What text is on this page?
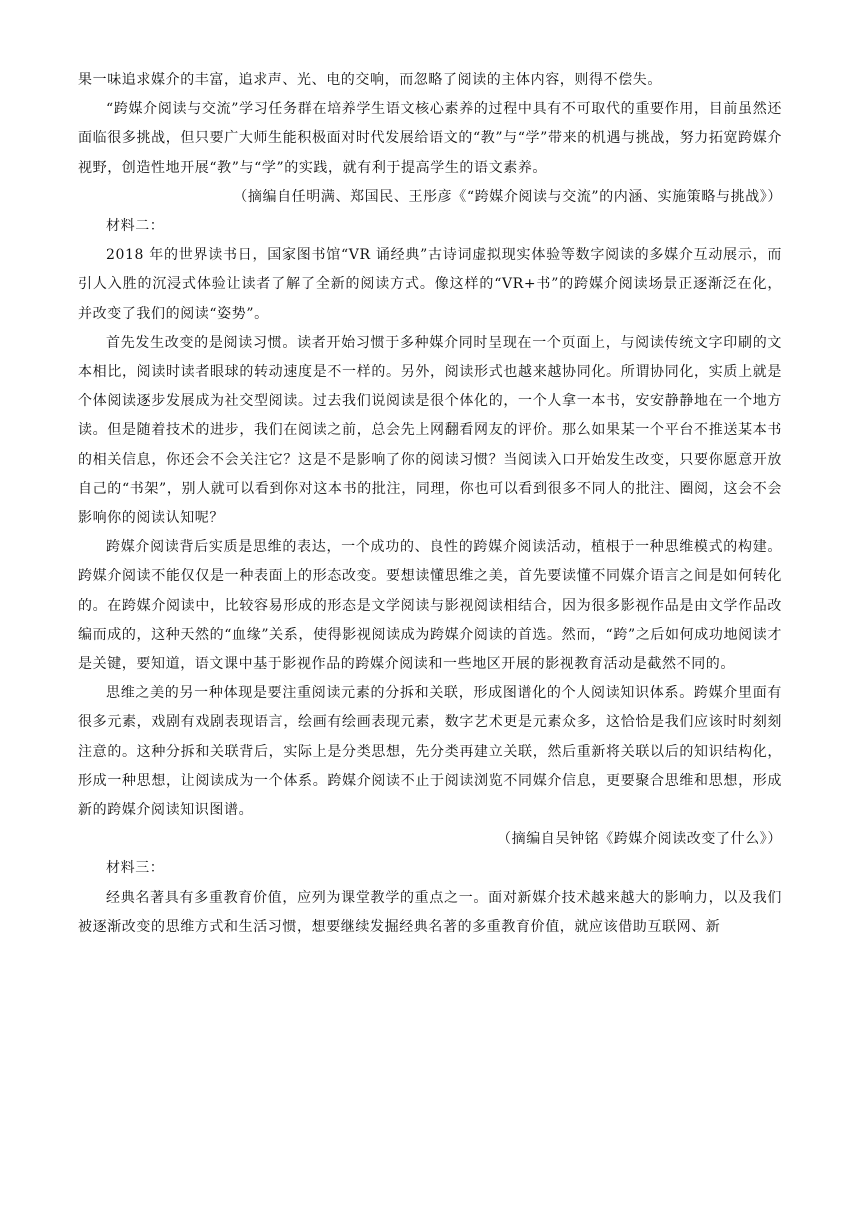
果一味追求媒介的丰富，追求声、光、电的交响，而忽略了阅读的主体内容，则得不偿失。

“跨媒介阅读与交流”学习任务群在培养学生语文核心素养的过程中具有不可取代的重要作用，目前虽然还面临很多挑战，但只要广大师生能积极面对时代发展给语文的“教”与“学”带来的机遇与挑战，努力拓宽跨媒介视野，创造性地开展“教”与“学”的实践，就有利于提高学生的语文素养。

（摘编自任明满、郑国民、王彤彦《“跨媒介阅读与交流”的内涵、实施策略与挑战》）

材料二：

2018 年的世界读书日，国家图书馆“VR 诵经典”古诗词虚拟现实体验等数字阅读的多媒介互动展示，而引人入胜的沉浸式体验让读者了解了全新的阅读方式。像这样的“VR+书”的跨媒介阅读场景正逐渐泛在化，并改变了我们的阅读“姿势”。

首先发生改变的是阅读习惯。读者开始习惯于多种媒介同时呈现在一个页面上，与阅读传统文字印刷的文本相比，阅读时读者眼球的转动速度是不一样的。另外，阅读形式也越来越协同化。所谓协同化，实质上就是个体阅读逐步发展成为社交型阅读。过去我们说阅读是很个体化的，一个人拿一本书，安安静静地在一个地方读。但是随着技术的进步，我们在阅读之前，总会先上网翻看网友的评价。那么如果某一个平台不推送某本书的相关信息，你还会不会关注它？这是不是影响了你的阅读习惯？当阅读入口开始发生改变，只要你愿意开放自己的“书架”，别人就可以看到你对这本书的批注，同理，你也可以看到很多不同人的批注、圈阅，这会不会影响你的阅读认知呢？

跨媒介阅读背后实质是思维的表达，一个成功的、良性的跨媒介阅读活动，植根于一种思维模式的构建。跨媒介阅读不能仅仅是一种表面上的形态改变。要想读懂思维之美，首先要读懂不同媒介语言之间是如何转化的。在跨媒介阅读中，比较容易形成的形态是文学阅读与影视阅读相结合，因为很多影视作品是由文学作品改编而成的，这种天然的“血缘”关系，使得影视阅读成为跨媒介阅读的首选。然而，“跨”之后如何成功地阅读才是关键，要知道，语文课中基于影视作品的跨媒介阅读和一些地区开展的影视教育活动是截然不同的。

思维之美的另一种体现是要注重阅读元素的分拆和关联，形成图谱化的个人阅读知识体系。跨媒介里面有很多元素，戏剧有戏剧表现语言，绘画有绘画表现元素，数字艺术更是元素众多，这恰恰是我们应该时时刻刻注意的。这种分拆和关联背后，实际上是分类思想，先分类再建立关联，然后重新将关联以后的知识结构化，形成一种思想，让阅读成为一个体系。跨媒介阅读不止于阅读浏览不同媒介信息，更要聚合思维和思想，形成新的跨媒介阅读知识图谱。

（摘编自吴钟铭《跨媒介阅读改变了什么》）

材料三：

经典名著具有多重教育价值，应列为课堂教学的重点之一。面对新媒介技术越来越大的影响力，以及我们被逐渐改变的思维方式和生活习惯，想要继续发掘经典名著的多重教育价值，就应该借助互联网、新
